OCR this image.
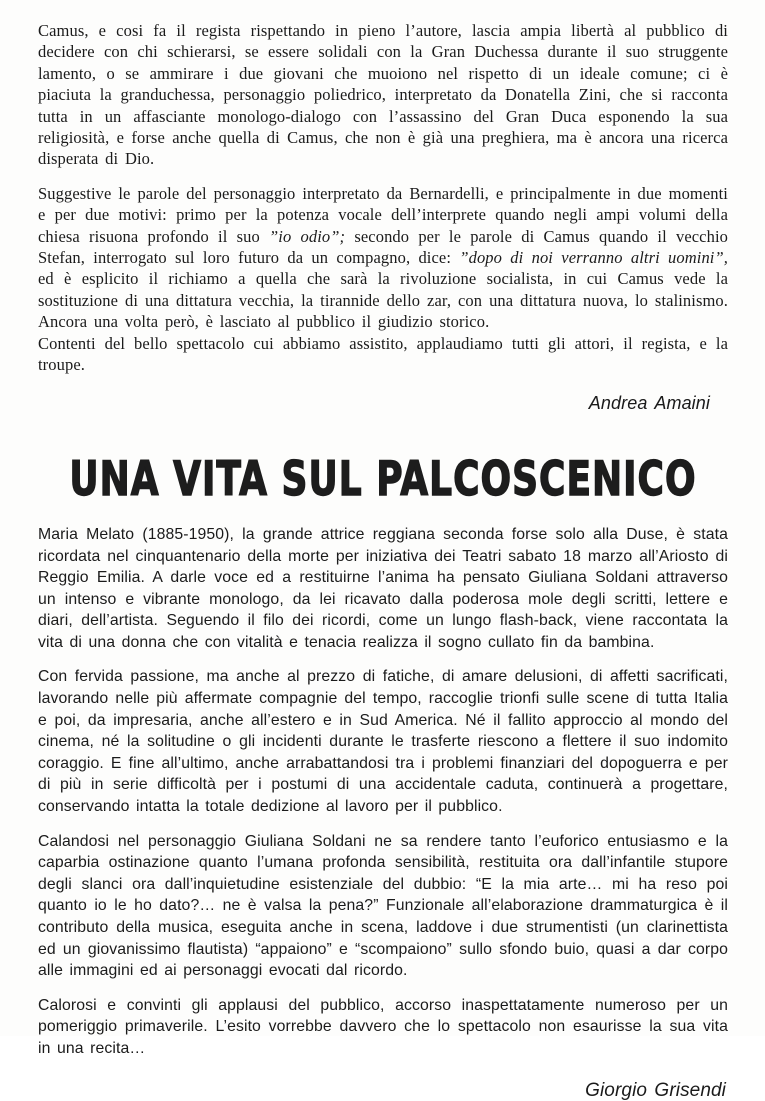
Camus, e cosi fa il regista rispettando in pieno l’autore, lascia ampia libertà al pubblico di decidere con chi schierarsi, se essere solidali con la Gran Duchessa durante il suo struggente lamento, o se ammirare i due giovani che muoiono nel rispetto di un ideale comune; ci è piaciuta la granduchessa, personaggio poliedrico, interpretato da Donatella Zini, che si racconta tutta in un affasciante monologo-dialogo con l’assassino del Gran Duca esponendo la sua religiosità, e forse anche quella di Camus, che non è già una preghiera, ma è ancora una ricerca disperata di Dio.

Suggestive le parole del personaggio interpretato da Bernardelli, e principalmente in due momenti e per due motivi: primo per la potenza vocale dell’interprete quando negli ampi volumi della chiesa risuona profondo il suo ”io odio”; secondo per le parole di Camus quando il vecchio Stefan, interrogato sul loro futuro da un compagno, dice: ”dopo di noi verranno altri uomini”, ed è esplicito il richiamo a quella che sarà la rivoluzione socialista, in cui Camus vede la sostituzione di una dittatura vecchia, la tirannide dello zar, con una dittatura nuova, lo stalinismo. Ancora una volta però, è lasciato al pubblico il giudizio storico.

Contenti del bello spettacolo cui abbiamo assistito, applaudiamo tutti gli attori, il regista, e la troupe.

Andrea Amaini
UNA VITA SUL PALCOSCENICO

Maria Melato (1885-1950), la grande attrice reggiana seconda forse solo alla Duse, è stata ricordata nel cinquantenario della morte per iniziativa dei Teatri sabato 18 marzo all’Ariosto di Reggio Emilia. A darle voce ed a restituirne l’anima ha pensato Giuliana Soldani attraverso un intenso e vibrante monologo, da lei ricavato dalla poderosa mole degli scritti, lettere e diari, dell’artista. Seguendo il filo dei ricordi, come un lungo flash-back, viene raccontata la vita di una donna che con vitalità e tenacia realizza il sogno cullato fin da bambina.

Con fervida passione, ma anche al prezzo di fatiche, di amare delusioni, di affetti sacrificati, lavorando nelle più affermate compagnie del tempo, raccoglie trionfi sulle scene di tutta Italia e poi, da impresaria, anche all’estero e in Sud America. Né il fallito approccio al mondo del cinema, né la solitudine o gli incidenti durante le trasferte riescono a flettere il suo indomito coraggio. E fine all’ultimo, anche arrabattandosi tra i problemi finanziari del dopoguerra e per di più in serie difficoltà per i postumi di una accidentale caduta, continuerà a progettare, conservando intatta la totale dedizione al lavoro per il pubblico.

Calandosi nel personaggio Giuliana Soldani ne sa rendere tanto l’euforico entusiasmo e la caparbia ostinazione quanto l’umana profonda sensibilità, restituita ora dall’infantile stupore degli slanci ora dall’inquietudine esistenziale del dubbio: “E la mia arte… mi ha reso poi quanto io le ho dato?… ne è valsa la pena?” Funzionale all’elaborazione drammaturgica è il contributo della musica, eseguita anche in scena, laddove i due strumentisti (un clarinettista ed un giovanissimo flautista) “appaiono” e “scompaiono” sullo sfondo buio, quasi a dar corpo alle immagini ed ai personaggi evocati dal ricordo.

Calorosi e convinti gli applausi del pubblico, accorso inaspettatamente numeroso per un pomeriggio primaverile. L’esito vorrebbe davvero che lo spettacolo non esaurisse la sua vita in una recita…

Giorgio Grisendi
